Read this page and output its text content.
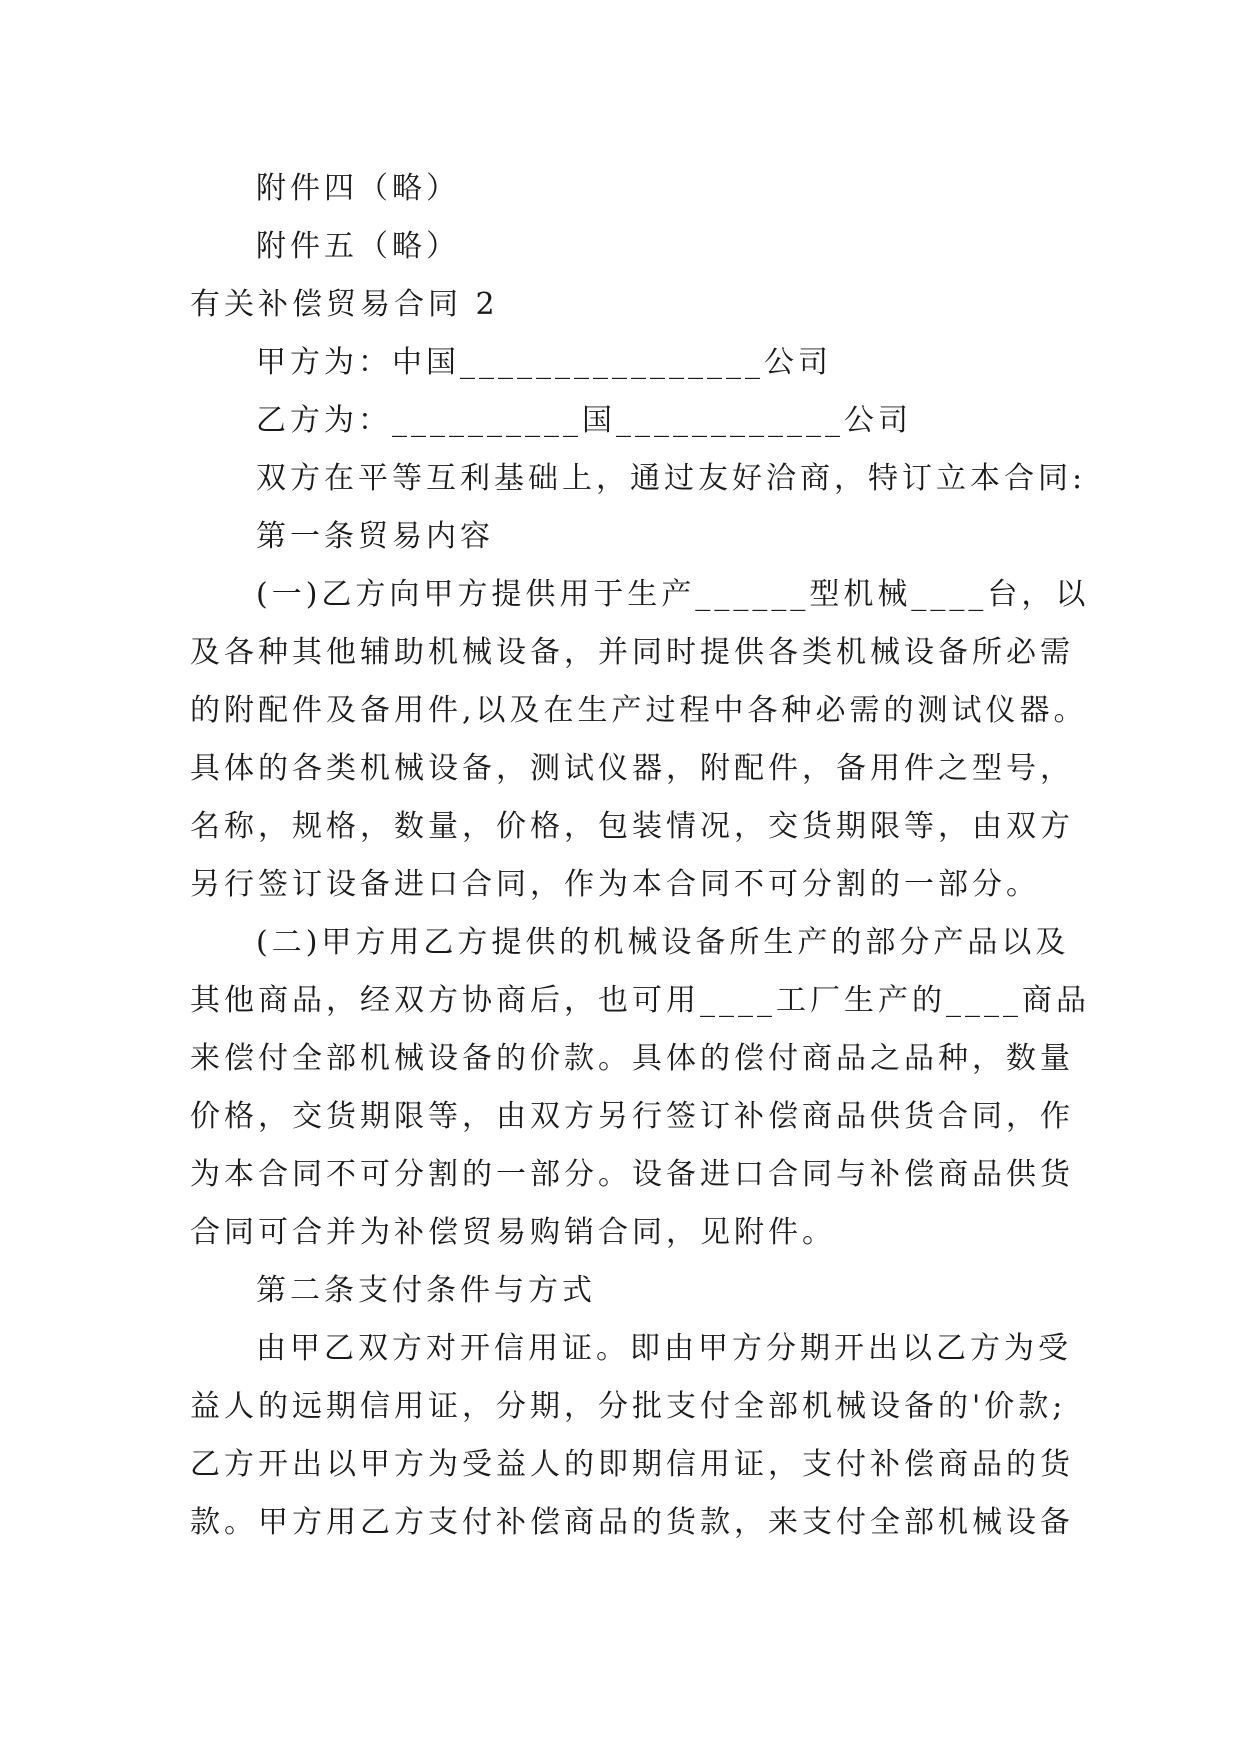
附件四（略）
附件五（略）
有关补偿贸易合同 2
甲方为：中国________________公司
乙方为：__________国____________公司
双方在平等互利基础上，通过友好洽商，特订立本合同:
第一条贸易内容
(一)乙方向甲方提供用于生产______型机械____台，以
及各种其他辅助机械设备，并同时提供各类机械设备所必需
的附配件及备用件,以及在生产过程中各种必需的测试仪器。
具体的各类机械设备，测试仪器，附配件，备用件之型号，
名称，规格，数量，价格，包装情况，交货期限等，由双方
另行签订设备进口合同，作为本合同不可分割的一部分。
(二)甲方用乙方提供的机械设备所生产的部分产品以及
其他商品，经双方协商后，也可用____工厂生产的____商品
来偿付全部机械设备的价款。具体的偿付商品之品种，数量
价格，交货期限等，由双方另行签订补偿商品供货合同，作
为本合同不可分割的一部分。设备进口合同与补偿商品供货
合同可合并为补偿贸易购销合同，见附件。
第二条支付条件与方式
由甲乙双方对开信用证。即由甲方分期开出以乙方为受
益人的远期信用证，分期，分批支付全部机械设备的'价款;
乙方开出以甲方为受益人的即期信用证，支付补偿商品的货
款。甲方用乙方支付补偿商品的货款，来支付全部机械设备
